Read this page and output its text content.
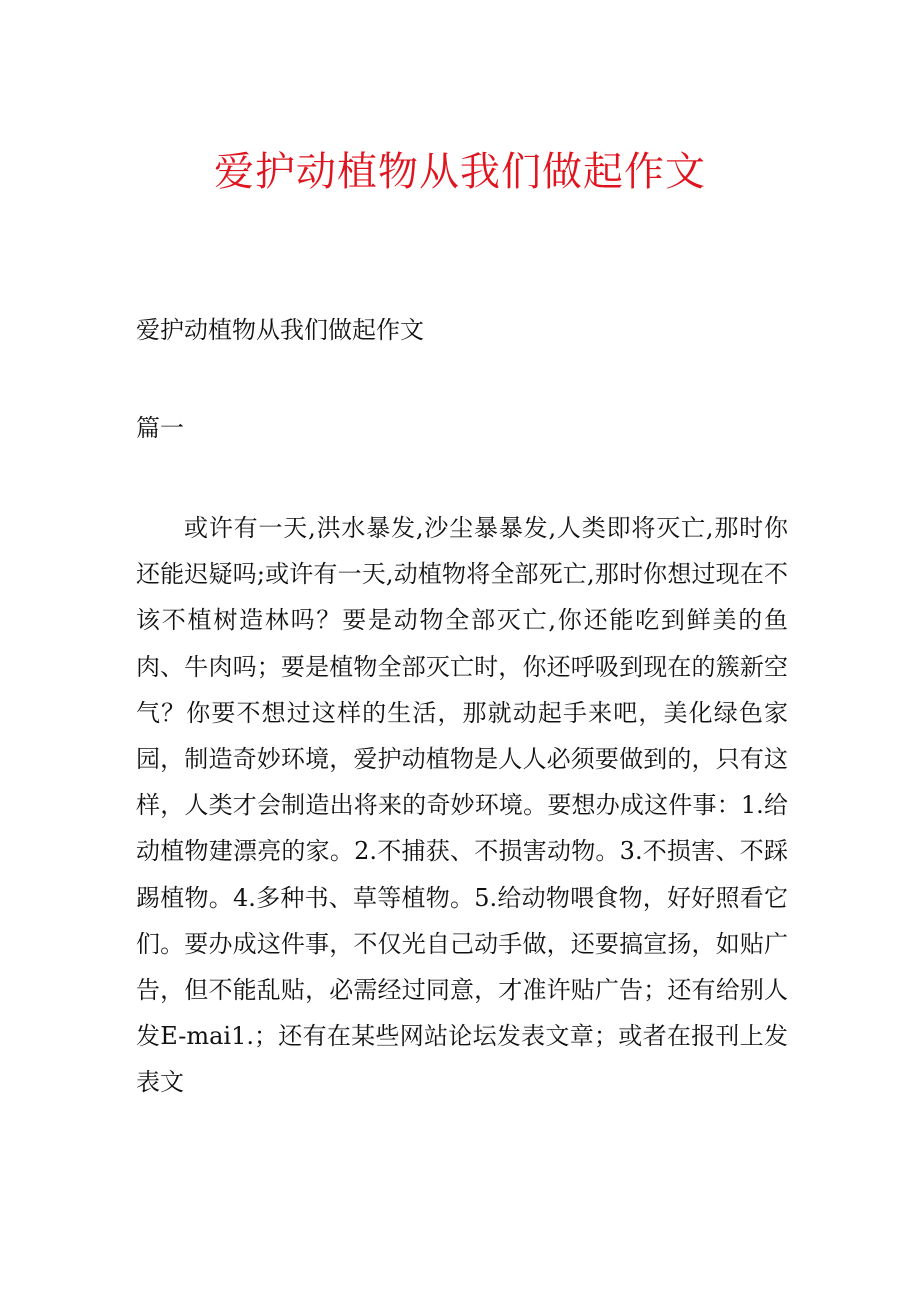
爱护动植物从我们做起作文
爱护动植物从我们做起作文
篇一

或许有一天,洪水暴发,沙尘暴暴发,人类即将灭亡,那时你还能迟疑吗;或许有一天,动植物将全部死亡,那时你想过现在不该不植树造林吗？要是动物全部灭亡,你还能吃到鲜美的鱼肉、牛肉吗；要是植物全部灭亡时，你还呼吸到现在的簇新空气？你要不想过这样的生活，那就动起手来吧，美化绿色家园，制造奇妙环境，爱护动植物是人人必须要做到的，只有这样，人类才会制造出将来的奇妙环境。要想办成这件事：1.给动植物建漂亮的家。2.不捕获、不损害动物。3.不损害、不踩踢植物。4.多种书、草等植物。5.给动物喂食物，好好照看它们。要办成这件事，不仅光自己动手做，还要搞宣扬，如贴广告，但不能乱贴，必需经过同意，才准许贴广告；还有给别人发E-mai1.；还有在某些网站论坛发表文章；或者在报刊上发表文
